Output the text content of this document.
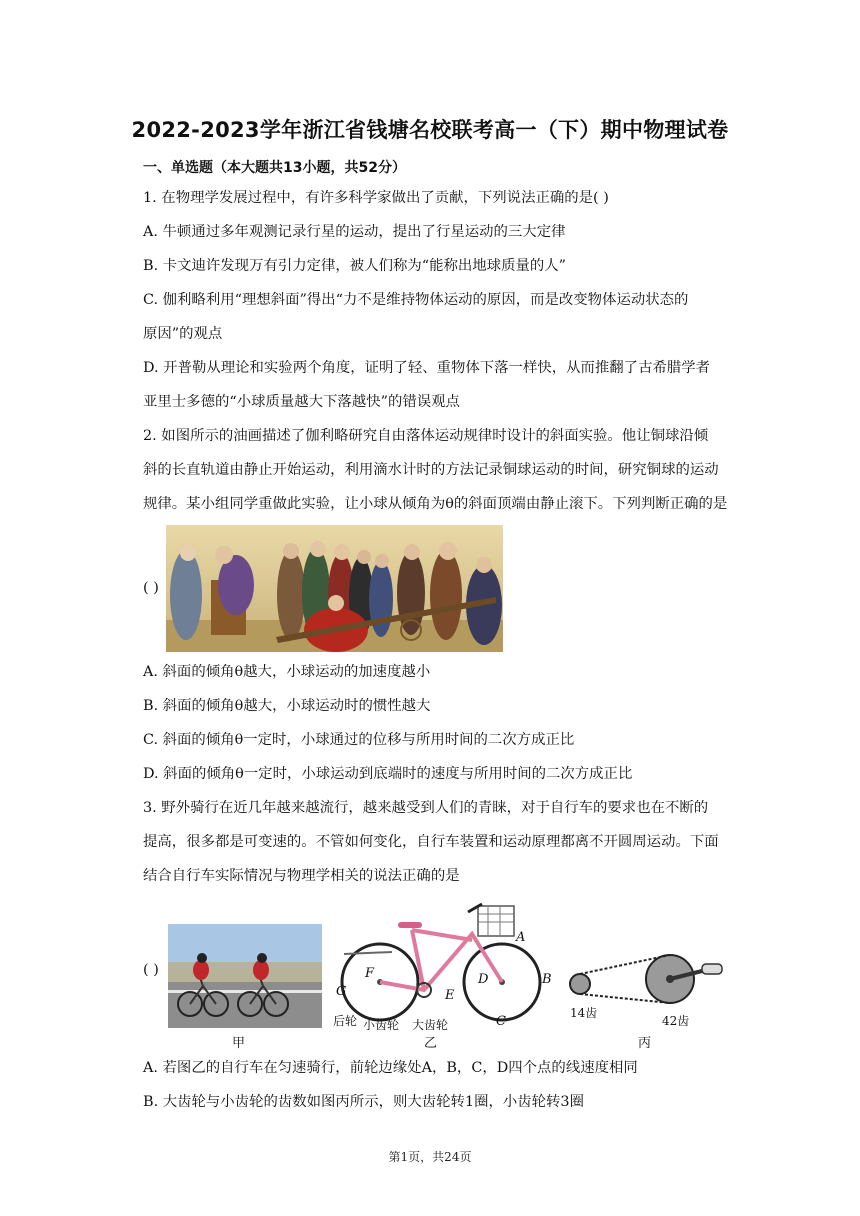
2022-2023学年浙江省钱塘名校联考高一（下）期中物理试卷
一、单选题（本大题共13小题，共52分）
1. 在物理学发展过程中，有许多科学家做出了贡献，下列说法正确的是( )
A. 牛顿通过多年观测记录行星的运动，提出了行星运动的三大定律
B. 卡文迪许发现万有引力定律，被人们称为“能称出地球质量的人”
C. 伽利略利用“理想斜面”得出“力不是维持物体运动的原因，而是改变物体运动状态的
原因”的观点
D. 开普勒从理论和实验两个角度，证明了轻、重物体下落一样快，从而推翻了古希腊学者
亚里士多德的“小球质量越大下落越快”的错误观点
2. 如图所示的油画描述了伽利略研究自由落体运动规律时设计的斜面实验。他让铜球沿倾
斜的长直轨道由静止开始运动，利用滴水计时的方法记录铜球运动的时间，研究铜球的运动
规律。某小组同学重做此实验，让小球从倾角为θ的斜面顶端由静止滚下。下列判断正确的是
( )
A. 斜面的倾角θ越大，小球运动的加速度越小
B. 斜面的倾角θ越大，小球运动时的惯性越大
C. 斜面的倾角θ一定时，小球通过的位移与所用时间的二次方成正比
D. 斜面的倾角θ一定时，小球运动到底端时的速度与所用时间的二次方成正比
3. 野外骑行在近几年越来越流行，越来越受到人们的青睐，对于自行车的要求也在不断的
提高，很多都是可变速的。不管如何变化，自行车装置和运动原理都离不开圆周运动。下面
结合自行车实际情况与物理学相关的说法正确的是
( )
甲
A
B
C
D
E
F
G
后轮 小齿轮 大齿轮
乙
14齿
42齿
丙
A. 若图乙的自行车在匀速骑行，前轮边缘处A，B，C，D四个点的线速度相同
B. 大齿轮与小齿轮的齿数如图丙所示，则大齿轮转1圈，小齿轮转3圈
第1页，共24页
